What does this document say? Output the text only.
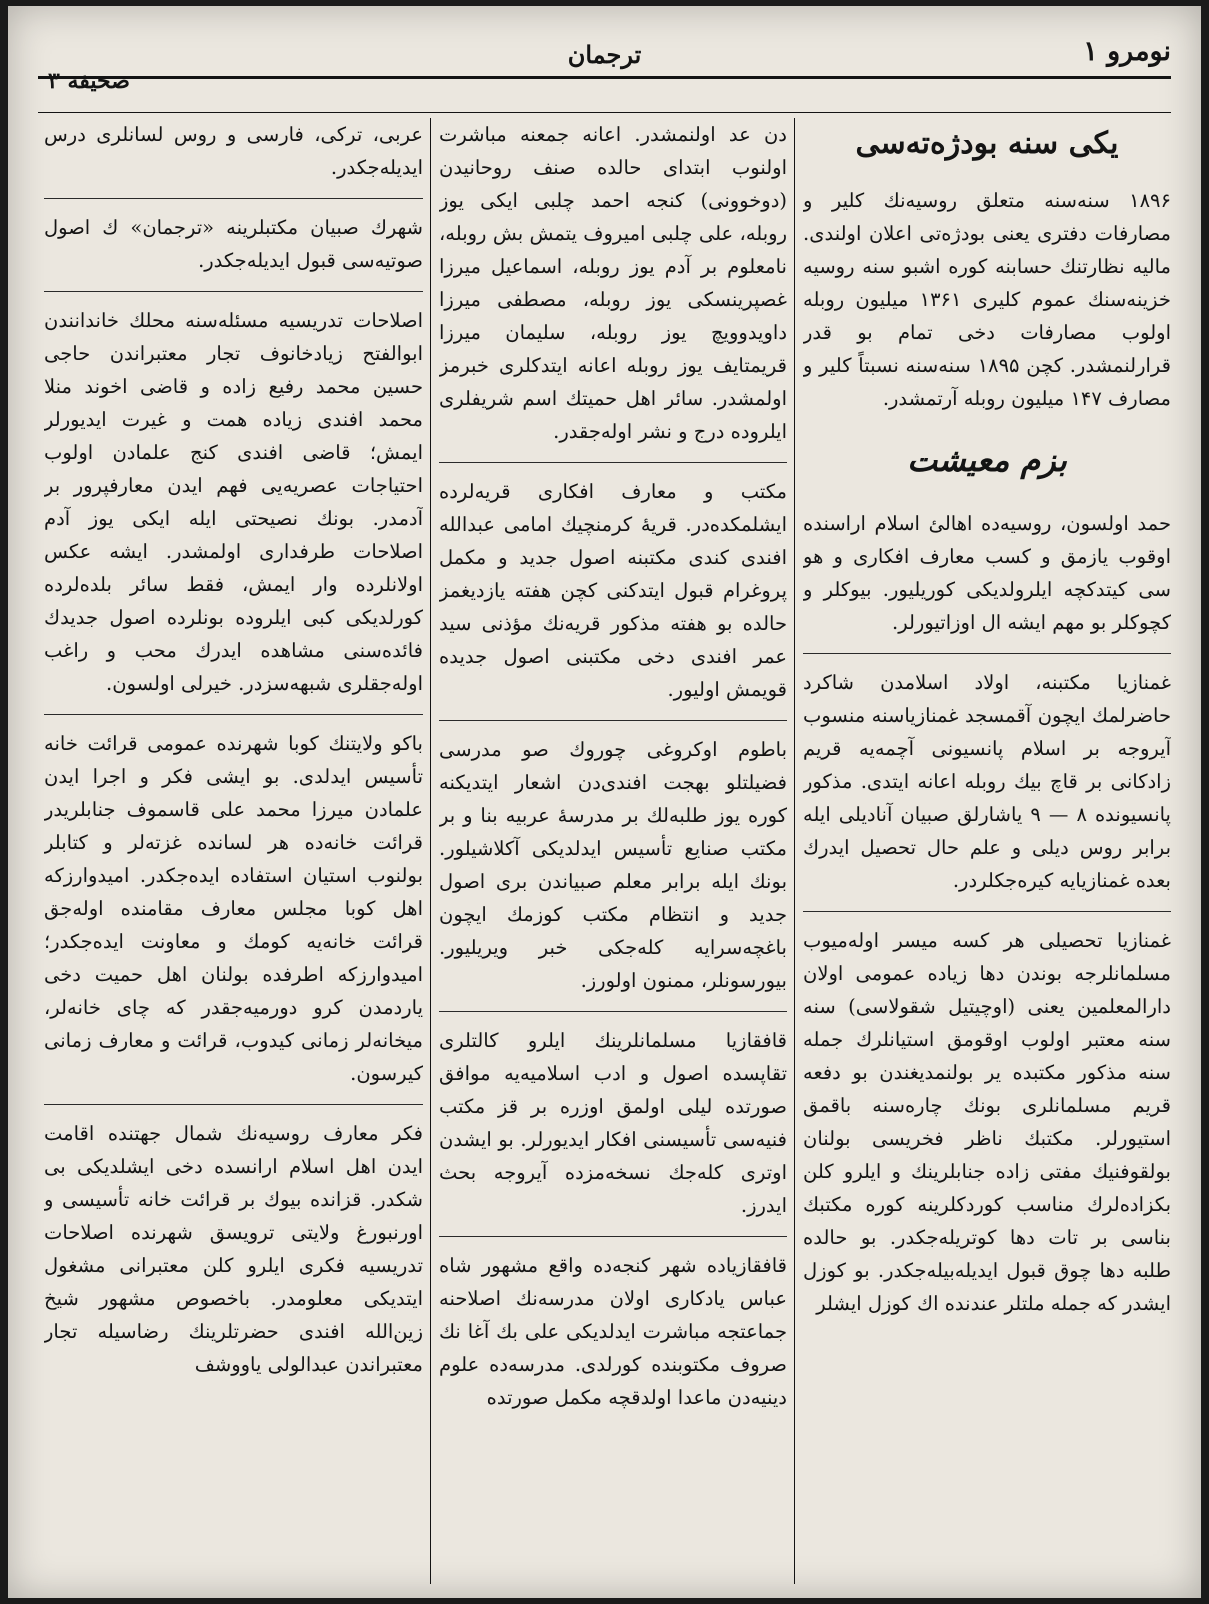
نومرو ۱
ترجمان
صحيفه ۳
يكى سنه بودژه‌تەسى

۱۸۹۶ سنەسنه متعلق روسيه‌نك كلير و مصارفات دفترى يعنى بودژه‌تى اعلان اولندى. ماليه نظارتنك حسابنه كوره اشبو سنه روسيه خزينه‌سنك عموم كليرى ۱۳۶۱ ميليون روبله اولوب مصارفات دخى تمام بو قدر قرارلنمشدر. كچن ۱۸۹۵ سنەسنه نسبتاً كلير و مصارف ۱۴۷ ميليون روبله آرتمشدر.

بزم معيشت

حمد اولسون، روسيه‌ده اهالئ اسلام اراسنده اوقوب يازمق و كسب معارف افكارى و هو سى كيتدكچه ايلرولديكى كوريليور. بيوكلر و كچوكلر بو مهم ايشه ال اوزاتيورلر.

غمنازيا مكتبنه، اولاد اسلامدن شاكرد حاضرلمك ايچون آقمسجد غمنازياسنه منسوب آيروجه بر اسلام پانسيونى آچمه‌يه قريم زادكانى بر قاچ بيك روبله اعانه ايتدى. مذكور پانسيونده ۸ — ۹ ياشارلق صبيان آناديلى ايله برابر روس ديلى و علم حال تحصيل ايدرك بعده غمنازيايه كيره‌جكلردر.

غمنازيا تحصيلى هر كسه ميسر اوله‌ميوب مسلمانلرجه بوندن دها زياده عمومى اولان دارالمعلمين يعنى (اوچيتيل شقولاسى) سنه سنه معتبر اولوب اوقومق استيانلرك جمله سنه مذكور مكتبده ير بولنمديغندن بو دفعه قريم مسلمانلرى بونك چاره‌سنه باقمق استيورلر. مكتبك ناظر فخريسى بولنان بولقوفنيك مفتى زاده جنابلرينك و ايلرو كلن بكزاده‌لرك مناسب كوردكلرينه كوره مكتبك بناسى بر تات دها كوتريله‌جكدر. بو حالده طلبه دها چوق قبول ايديله‌بيله‌جكدر. بو كوزل ايشدر كه جمله ملتلر عندنده اك كوزل ايشلر

دن عد اولنمشدر. اعانه جمعنه مباشرت اولنوب ابتداى حالده صنف روحانيدن (دوخوونى) كنجه احمد چلبى ايكى يوز روبله، على چلبى اميروف يتمش بش روبله، نامعلوم بر آدم يوز روبله، اسماعيل ميرزا غصپرينسكى يوز روبله، مصطفى ميرزا داويدوويچ يوز روبله، سليمان ميرزا قريمتايف يوز روبله اعانه ايتدكلرى خبرمز اولمشدر. سائر اهل حميتك اسم شريفلرى ايلروده درج و نشر اوله‌جقدر.

مكتب و معارف افكارى قريه‌لرده ايشلمكده‌در. قريهٔ كرمنچيك امامى عبدالله افندى كندى مكتبنه اصول جديد و مكمل پروغرام قبول ايتدكنى كچن هفته يازديغمز حالده بو هفته مذكور قريه‌نك مؤذنى سيد عمر افندى دخى مكتبنى اصول جديده قويمش اوليور.

باطوم اوكروغى چوروك صو مدرسى فضيلتلو بهجت افندى‌دن اشعار ايتديكنه كوره يوز طلبه‌لك بر مدرسهٔ عربيه بنا و بر مكتب صنايع تأسيس ايدلديكى آكلاشيلور. بونك ايله برابر معلم صبياندن برى اصول جديد و انتظام مكتب كوزمك ايچون باغچه‌سرايه كله‌جكى خبر ويريليور. بيورسونلر، ممنون اولورز.

قافقازيا مسلمانلرينك ايلرو كالتلرى تقاپسده اصول و ادب اسلاميه‌يه موافق صورتده ليلى اولمق اوزره بر قز مكتب فنيه‌سى تأسيسنى افكار ايديورلر. بو ايشدن اوترى كله‌جك نسخه‌مزده آيروجه بحث ايدرز.

قافقازياده شهر كنجه‌ده واقع مشهور شاه عباس يادكارى اولان مدرسه‌نك اصلاحنه جماعتجه مباشرت ايدلديكى على بك آغا نك صروف مكتوبنده كورلدى. مدرسه‌ده علوم دينيه‌دن ماعدا اولدقچه مكمل صورتده

عربى، تركى، فارسى و روس لسانلرى درس ايديله‌جكدر.

شهرك صبيان مكتبلرينه «ترجمان» ك اصول صوتيه‌سى قبول ايديله‌جكدر.

اصلاحات تدريسيه مسئله‌سنه محلك خاندانندن ابوالفتح زيادخانوف تجار معتبراندن حاجى حسين محمد رفيع زاده و قاضى اخوند منلا محمد افندى زياده همت و غيرت ايديورلر ايمش؛ قاضى افندى كنج علمادن اولوب احتياجات عصريه‌يى فهم ايدن معارفپرور بر آدمدر. بونك نصيحتى ايله ايكى يوز آدم اصلاحات طرفدارى اولمشدر. ايشه عكس اولانلرده وار ايمش، فقط سائر بلده‌لرده كورلديكى كبى ايلروده بونلرده اصول جديدك فائده‌سنى مشاهده ايدرك محب و راغب اوله‌جقلرى شبهه‌سزدر. خيرلى اولسون.

باكو ولايتنك كوبا شهرنده عمومى قرائت خانه تأسيس ايدلدى. بو ايشى فكر و اجرا ايدن علمادن ميرزا محمد على قاسموف جنابلريدر قرائت خانه‌ده هر لسانده غزته‌لر و كتابلر بولنوب استيان استفاده ايده‌جكدر. اميدوارزكه اهل كوبا مجلس معارف مقامنده اوله‌جق قرائت خانه‌يه كومك و معاونت ايده‌جكدر؛ اميدوارزكه اطرفده بولنان اهل حميت دخى ياردمدن كرو دورميه‌جقدر كه چاى خانه‌لر، ميخانه‌لر زمانى كيدوب، قرائت و معارف زمانى كيرسون.

فكر معارف روسيه‌نك شمال جهتنده اقامت ايدن اهل اسلام ارانسده دخى ايشلديكى بى شكدر. قزانده بيوك بر قرائت خانه تأسيسى و اورنبورغ ولايتى ترويسق شهرنده اصلاحات تدريسيه فكرى ايلرو كلن معتبرانى مشغول ايتديكى معلومدر. باخصوص مشهور شيخ زين‌الله افندى حضرتلرينك رضاسيله تجار معتبراندن عبدالولى ياووشف
